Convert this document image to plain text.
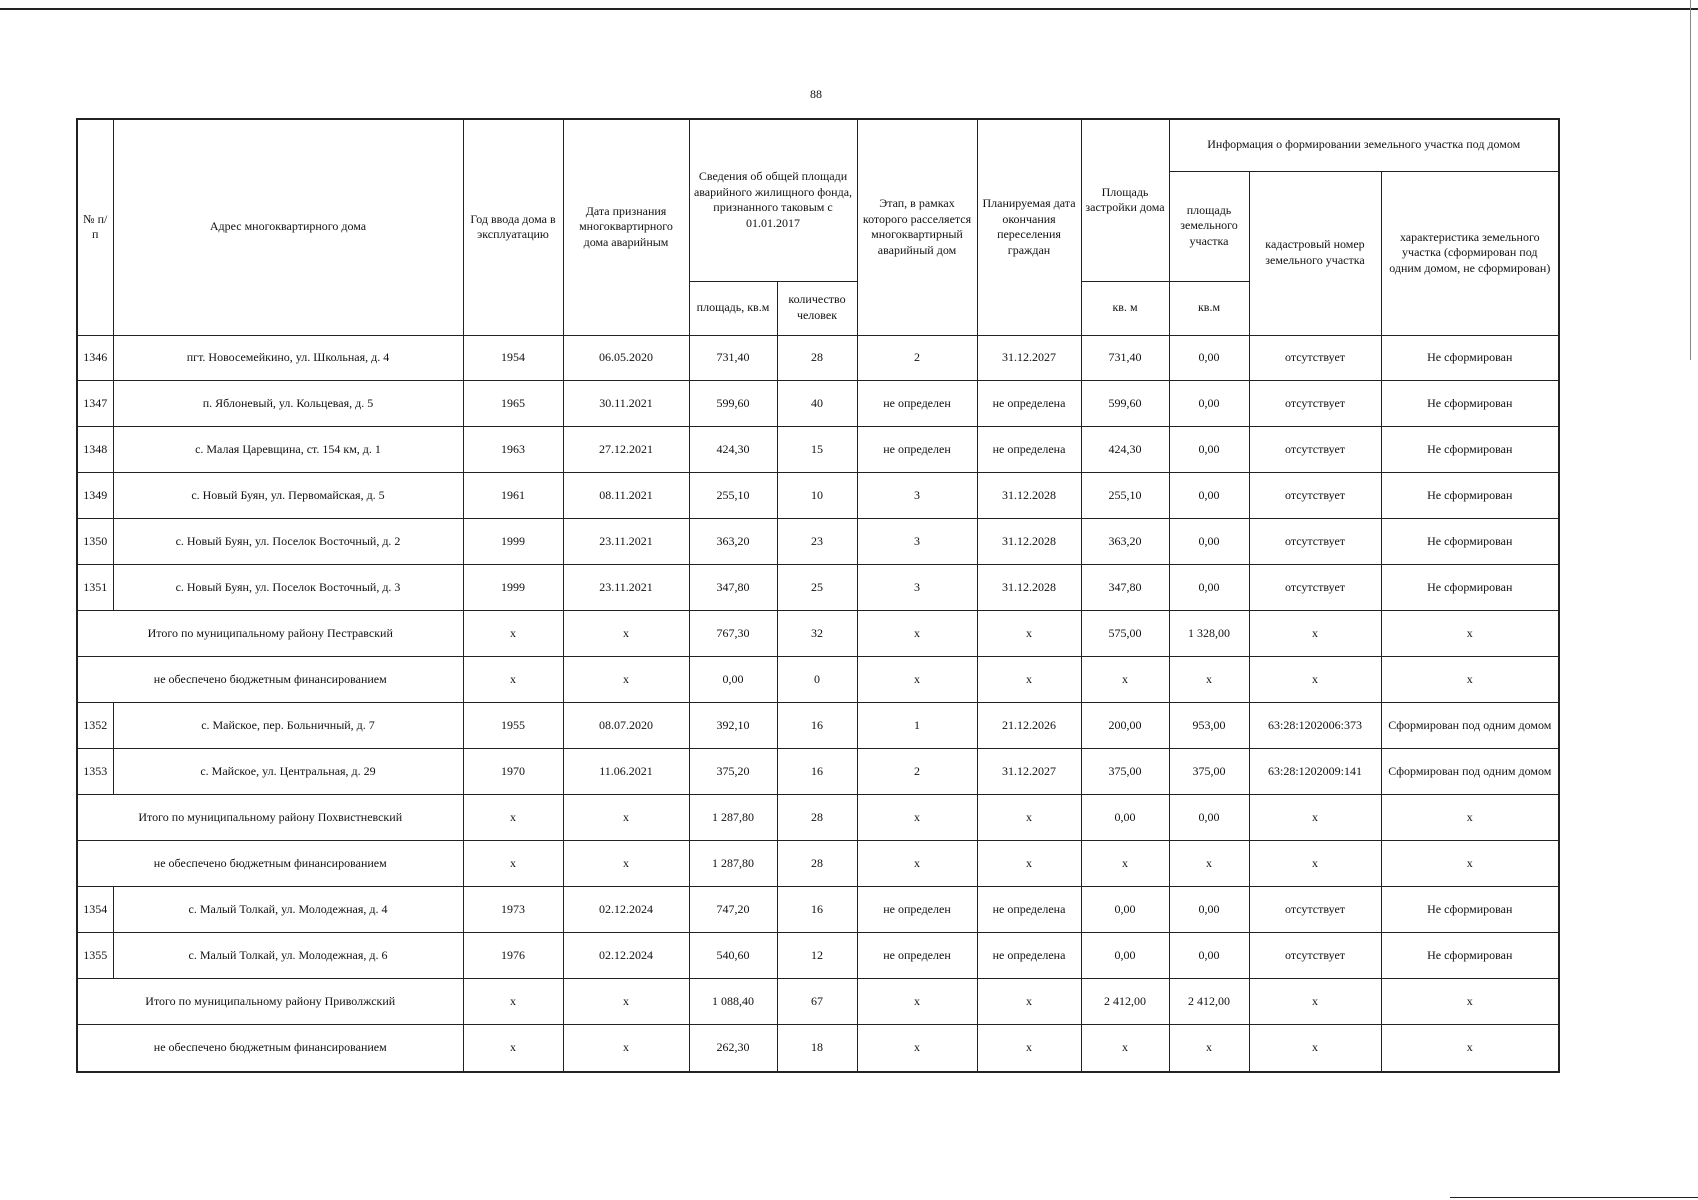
88
№ п/п	Адрес многоквартирного дома	Год ввода дома в эксплуатацию	Дата признания многоквартирного дома аварийным	Сведения об общей площади аварийного жилищного фонда, признанного таковым с 01.01.2017		Этап, в рамках которого расселяется многоквартирный аварийный дом	Планируемая дата окончания переселения граждан	Площадь застройки дома	Информация о формировании земельного участка под домом		
									площадь земельного участка	кадастровый номер земельного участка	характеристика земельного участка (сформирован под одним домом, не сформирован)
				площадь, кв.м	количество человек			кв. м	кв.м		
1346	пгт. Новосемейкино, ул. Школьная, д. 4	1954	06.05.2020	731,40	28	2	31.12.2027	731,40	0,00	отсутствует	Не сформирован
1347	п. Яблоневый, ул. Кольцевая, д. 5	1965	30.11.2021	599,60	40	не определен	не определена	599,60	0,00	отсутствует	Не сформирован
1348	с. Малая Царевщина, ст. 154 км, д. 1	1963	27.12.2021	424,30	15	не определен	не определена	424,30	0,00	отсутствует	Не сформирован
1349	с. Новый Буян, ул. Первомайская, д. 5	1961	08.11.2021	255,10	10	3	31.12.2028	255,10	0,00	отсутствует	Не сформирован
1350	с. Новый Буян, ул. Поселок Восточный, д. 2	1999	23.11.2021	363,20	23	3	31.12.2028	363,20	0,00	отсутствует	Не сформирован
1351	с. Новый Буян, ул. Поселок Восточный, д. 3	1999	23.11.2021	347,80	25	3	31.12.2028	347,80	0,00	отсутствует	Не сформирован
Итого по муниципальному району Пестравский		x	x	767,30	32	x	x	575,00	1 328,00	x	x
не обеспечено бюджетным финансированием		x	x	0,00	0	x	x	x	x	x	x
1352	с. Майское, пер. Больничный, д. 7	1955	08.07.2020	392,10	16	1	21.12.2026	200,00	953,00	63:28:1202006:373	Сформирован под одним домом
1353	с. Майское, ул. Центральная, д. 29	1970	11.06.2021	375,20	16	2	31.12.2027	375,00	375,00	63:28:1202009:141	Сформирован под одним домом
Итого по муниципальному району Похвистневский		x	x	1 287,80	28	x	x	0,00	0,00	x	x
не обеспечено бюджетным финансированием		x	x	1 287,80	28	x	x	x	x	x	x
1354	с. Малый Толкай, ул. Молодежная, д. 4	1973	02.12.2024	747,20	16	не определен	не определена	0,00	0,00	отсутствует	Не сформирован
1355	с. Малый Толкай, ул. Молодежная, д. 6	1976	02.12.2024	540,60	12	не определен	не определена	0,00	0,00	отсутствует	Не сформирован
Итого по муниципальному району Приволжский		x	x	1 088,40	67	x	x	2 412,00	2 412,00	x	x
не обеспечено бюджетным финансированием		x	x	262,30	18	x	x	x	x	x	x
